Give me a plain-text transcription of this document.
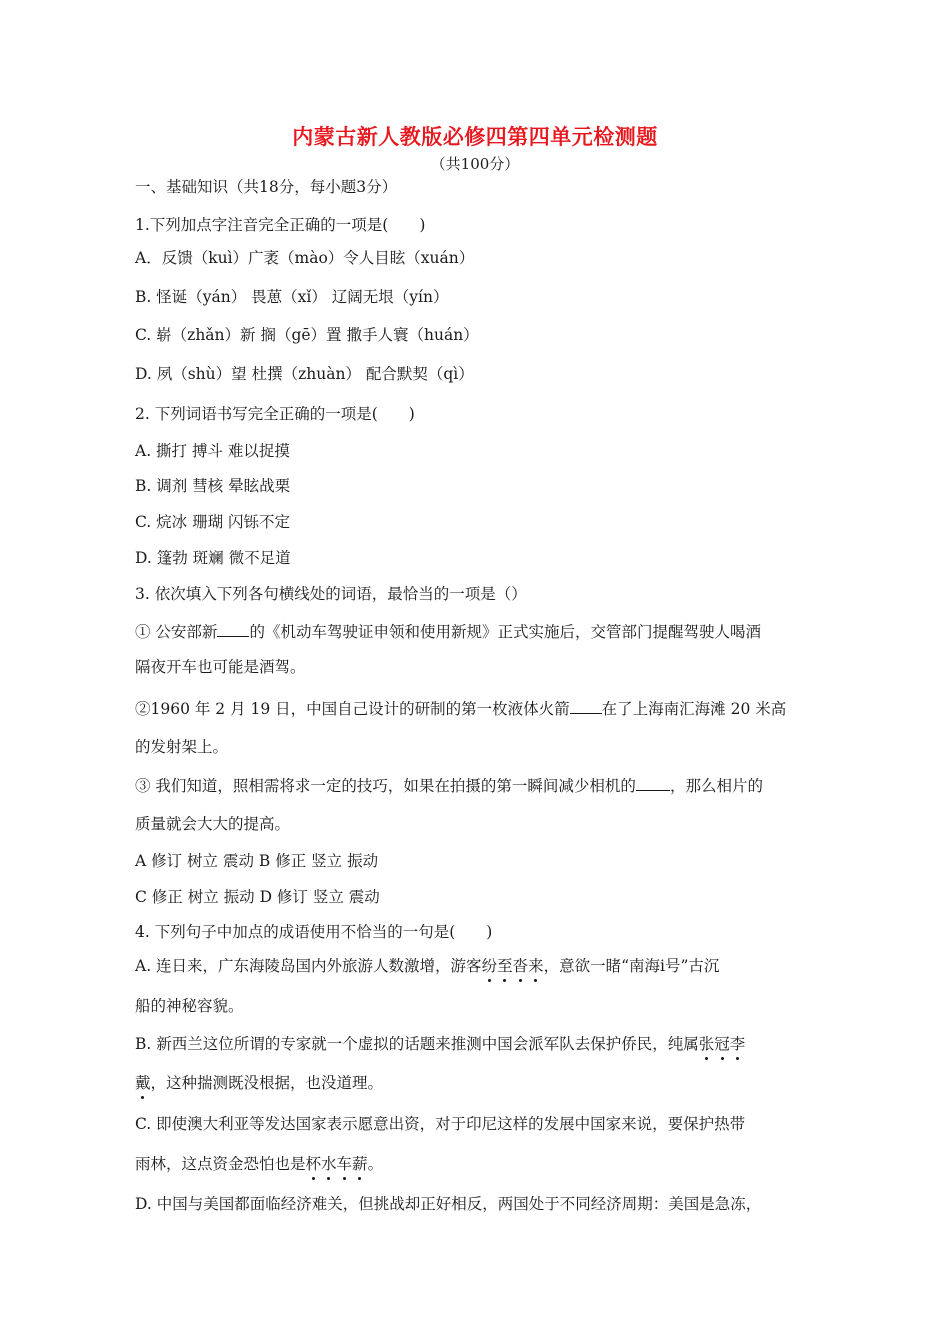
内蒙古新人教版必修四第四单元检测题
（共100分）
一、基础知识（共18分，每小题3分）
1.下列加点字注音完全正确的一项是(　　)
A．反馈（kuì）广袤（mào）令人目眩（xuán）
B. 怪诞（yán） 畏葸（xǐ） 辽阔无垠（yín）
C. 崭（zhǎn）新 搁（gē）置 撒手人寰（huán）
D. 夙（shù）望 杜撰（zhuàn） 配合默契（qì）
2. 下列词语书写完全正确的一项是(　　)
A. 撕打 搏斗 难以捉摸
B. 调剂 彗核 晕眩战栗
C. 烷冰 珊瑚 闪铄不定
D. 篷勃 斑斓 微不足道
3. 依次填入下列各句横线处的词语，最恰当的一项是（）
① 公安部新 的《机动车驾驶证申领和使用新规》正式实施后，交管部门提醒驾驶人喝酒
隔夜开车也可能是酒驾。
②1960 年 2 月 19 日，中国自己设计的研制的第一枚液体火箭 在了上海南汇海滩 20 米高
的发射架上。
③ 我们知道，照相需将求一定的技巧，如果在拍摄的第一瞬间减少相机的 ，那么相片的
质量就会大大的提高。
A 修订 树立 震动 B 修正 竖立 振动
C 修正 树立 振动 D 修订 竖立 震动
4. 下列句子中加点的成语使用不恰当的一句是(　　)
A. 连日来，广东海陵岛国内外旅游人数激增，游客纷至沓来，意欲一睹“南海ⅰ号”古沉
船的神秘容貌。
B. 新西兰这位所谓的专家就一个虚拟的话题来推测中国会派军队去保护侨民，纯属张冠李
戴，这种揣测既没根据，也没道理。
C. 即使澳大利亚等发达国家表示愿意出资，对于印尼这样的发展中国家来说，要保护热带
雨林，这点资金恐怕也是杯水车薪。
D. 中国与美国都面临经济难关，但挑战却正好相反，两国处于不同经济周期：美国是急冻，
